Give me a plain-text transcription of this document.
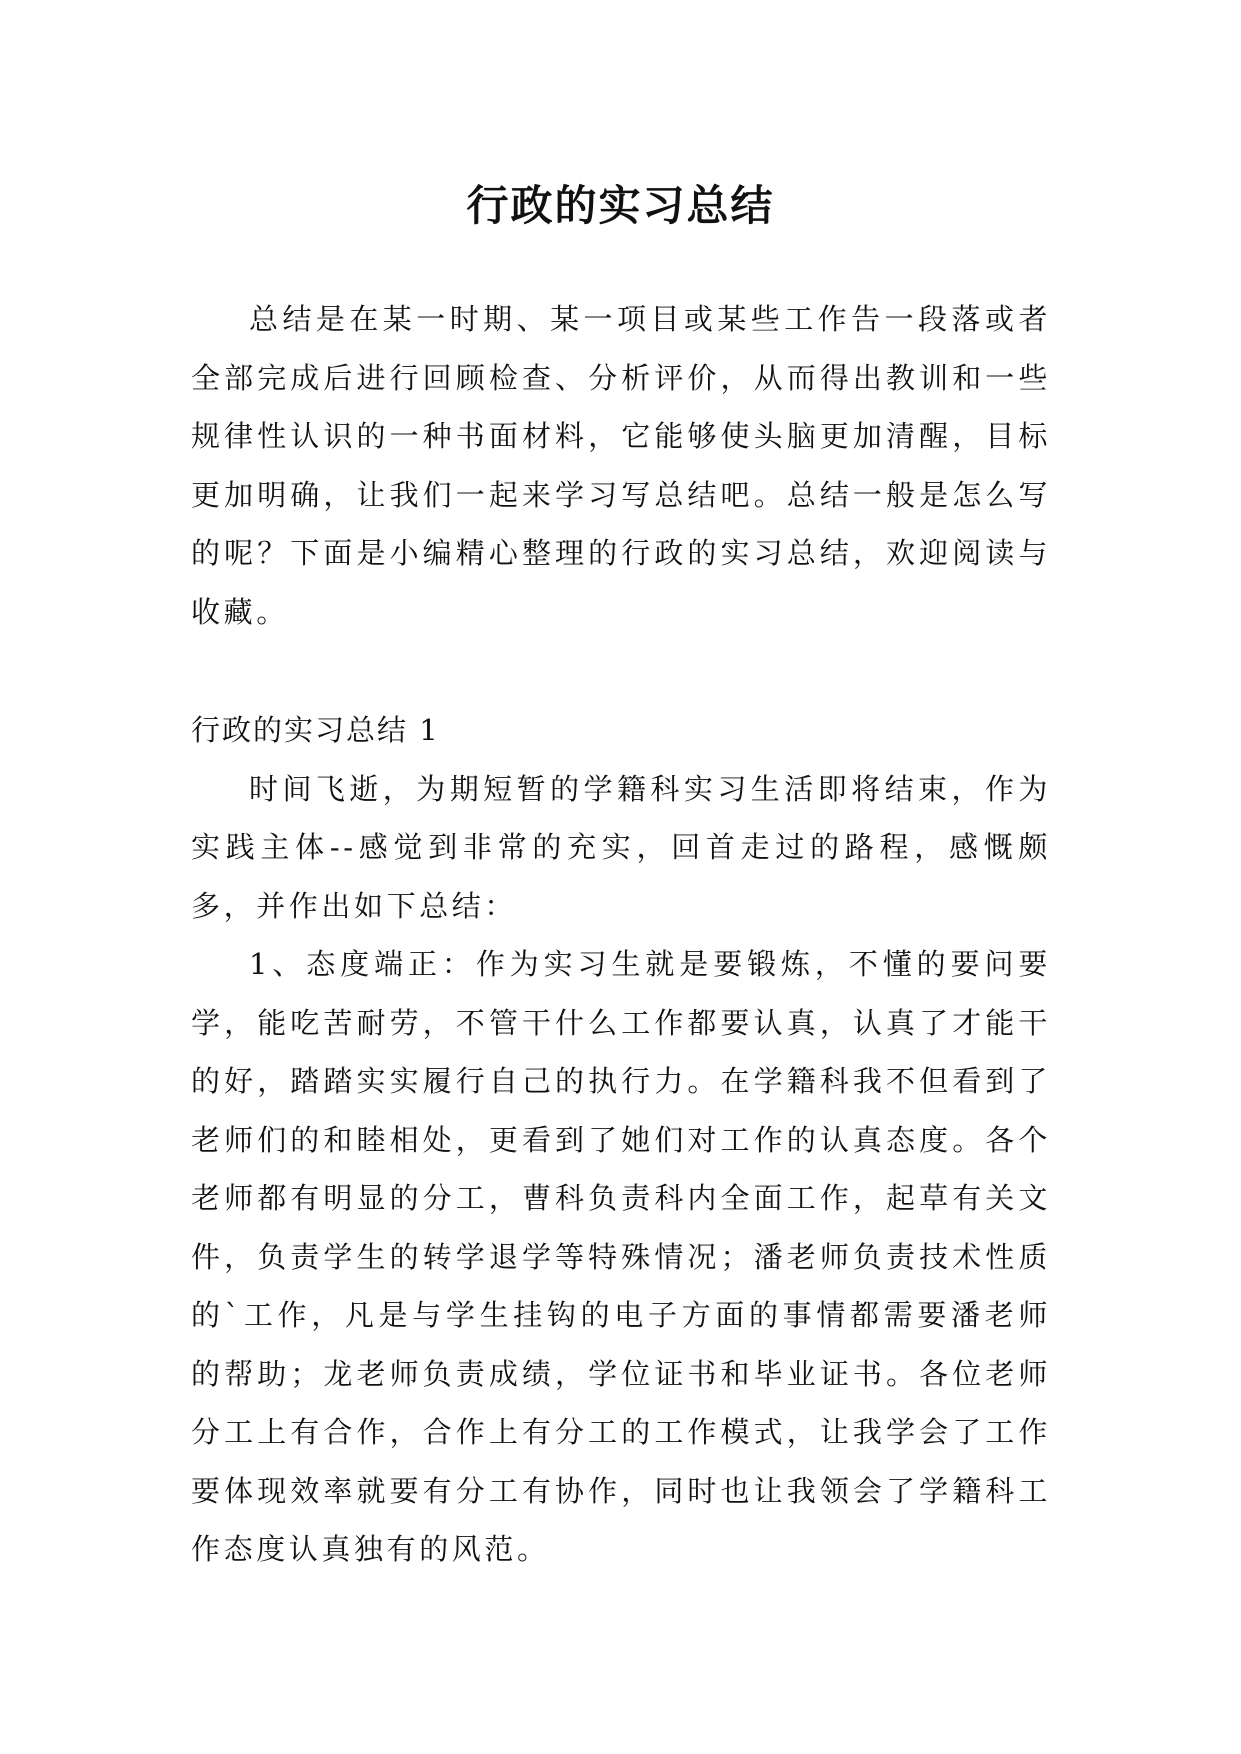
行政的实习总结

总结是在某一时期、某一项目或某些工作告一段落或者全部完成后进行回顾检查、分析评价，从而得出教训和一些规律性认识的一种书面材料，它能够使头脑更加清醒，目标更加明确，让我们一起来学习写总结吧。总结一般是怎么写的呢？下面是小编精心整理的行政的实习总结，欢迎阅读与收藏。

行政的实习总结 1

时间飞逝，为期短暂的学籍科实习生活即将结束，作为实践主体--感觉到非常的充实，回首走过的路程，感慨颇多，并作出如下总结：

1、态度端正：作为实习生就是要锻炼，不懂的要问要学，能吃苦耐劳，不管干什么工作都要认真，认真了才能干的好，踏踏实实履行自己的执行力。在学籍科我不但看到了老师们的和睦相处，更看到了她们对工作的认真态度。各个老师都有明显的分工，曹科负责科内全面工作，起草有关文件，负责学生的转学退学等特殊情况；潘老师负责技术性质的`工作，凡是与学生挂钩的电子方面的事情都需要潘老师的帮助；龙老师负责成绩，学位证书和毕业证书。各位老师分工上有合作，合作上有分工的工作模式，让我学会了工作要体现效率就要有分工有协作，同时也让我领会了学籍科工作态度认真独有的风范。
